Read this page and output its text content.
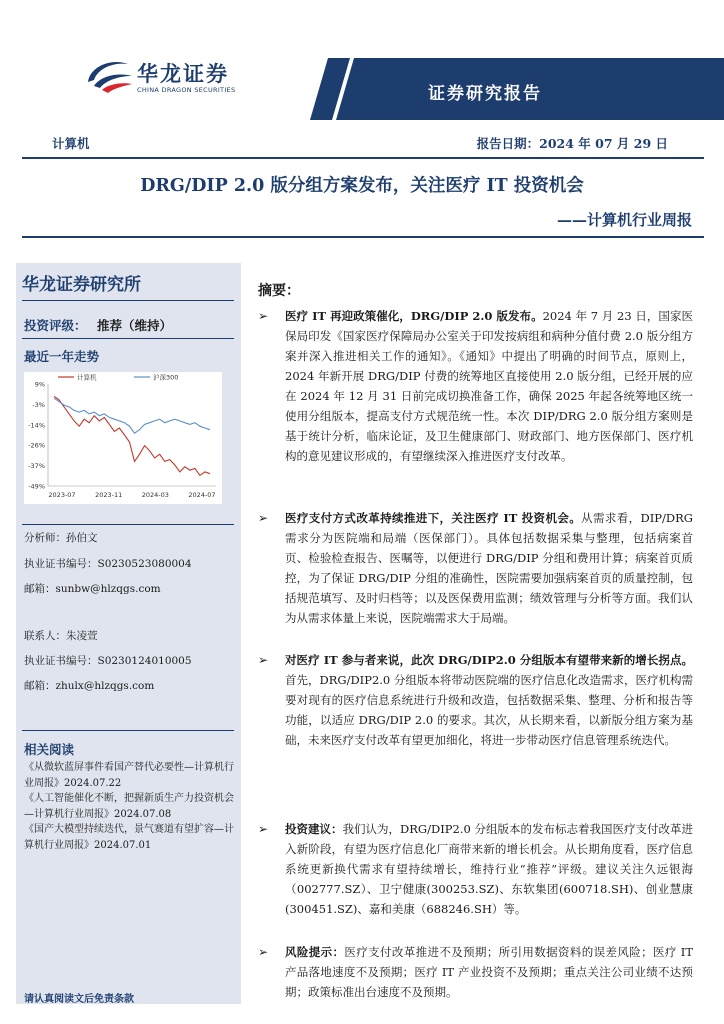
华龙证券
CHINA DRAGON SECURITIES	证券研究报告
计算机	报告日期：2024 年 07 月 29 日
DRG/DIP 2.0 版分组方案发布，关注医疗 IT 投资机会
——计算机行业周报
华龙证券研究所
投资评级： 推荐（维持）
最近一年走势
9%
-3%
-14%
-26%
-37%
-49%
2023-07	2023-11	2024-03	2024-07
计算机	沪深300
分析师：孙伯文
执业证书编号：S0230523080004
邮箱：sunbw@hlzqgs.com
联系人：朱凌萱
执业证书编号：S0230124010005
邮箱：zhulx@hlzqgs.com
相关阅读
《从微软蓝屏事件看国产替代必要性—计算机行业周报》2024.07.22
《人工智能催化不断，把握新质生产力投资机会—计算机行业周报》2024.07.08
《国产大模型持续迭代，景气赛道有望扩容—计算机行业周报》2024.07.01
请认真阅读文后免责条款
摘要：
➢ 医疗 IT 再迎政策催化，DRG/DIP 2.0 版发布。2024 年 7 月 23 日，国家医保局印发《国家医疗保障局办公室关于印发按病组和病种分值付费 2.0 版分组方案并深入推进相关工作的通知》。《通知》中提出了明确的时间节点，原则上，2024 年新开展 DRG/DIP 付费的统筹地区直接使用 2.0 版分组，已经开展的应在 2024 年 12 月 31 日前完成切换准备工作，确保 2025 年起各统筹地区统一使用分组版本，提高支付方式规范统一性。本次 DIP/DRG 2.0 版分组方案则是基于统计分析，临床论证，及卫生健康部门、财政部门、地方医保部门、医疗机构的意见建议形成的，有望继续深入推进医疗支付改革。
➢ 医疗支付方式改革持续推进下，关注医疗 IT 投资机会。从需求看，DIP/DRG 需求分为医院端和局端（医保部门）。具体包括数据采集与整理，包括病案首页、检验检查报告、医嘱等，以便进行 DRG/DIP 分组和费用计算；病案首页质控，为了保证 DRG/DIP 分组的准确性，医院需要加强病案首页的质量控制，包括规范填写、及时归档等；以及医保费用监测；绩效管理与分析等方面。我们认为从需求体量上来说，医院端需求大于局端。
➢ 对医疗 IT 参与者来说，此次 DRG/DIP2.0 分组版本有望带来新的增长拐点。首先，DRG/DIP2.0 分组版本将带动医院端的医疗信息化改造需求，医疗机构需要对现有的医疗信息系统进行升级和改造，包括数据采集、整理、分析和报告等功能，以适应 DRG/DIP 2.0 的要求。其次，从长期来看，以新版分组方案为基础，未来医疗支付改革有望更加细化，将进一步带动医疗信息管理系统迭代。
➢ 投资建议：我们认为，DRG/DIP2.0 分组版本的发布标志着我国医疗支付改革进入新阶段，有望为医疗信息化厂商带来新的增长机会。从长期角度看，医疗信息系统更新换代需求有望持续增长，维持行业“推荐”评级。建议关注久远银海（002777.SZ）、卫宁健康(300253.SZ)、东软集团(600718.SH)、创业慧康(300451.SZ)、嘉和美康（688246.SH）等。
➢ 风险提示：医疗支付改革推进不及预期；所引用数据资料的误差风险；医疗 IT 产品落地速度不及预期；医疗 IT 产业投资不及预期；重点关注公司业绩不达预期；政策标准出台速度不及预期。
